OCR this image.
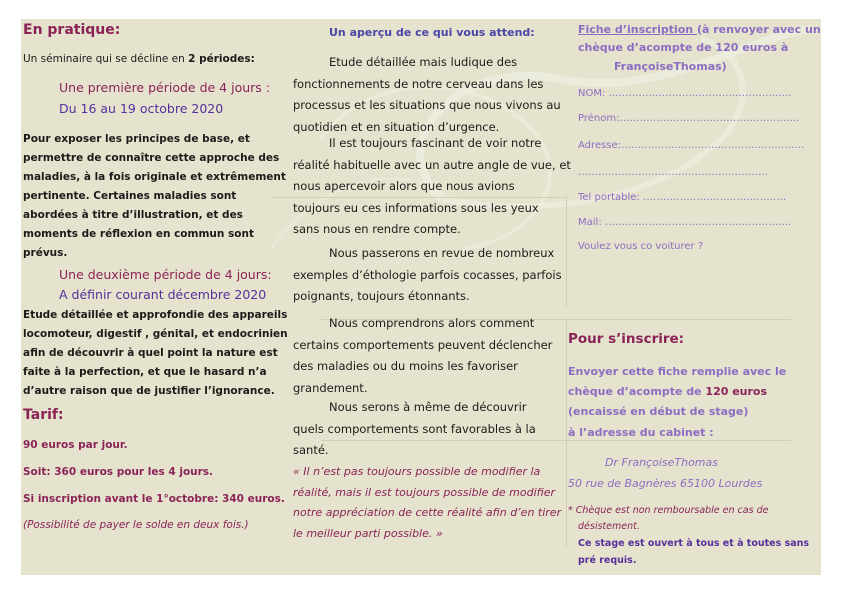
En pratique:
Un séminaire qui se décline en 2 périodes:
Une première période de 4 jours :
Du 16 au 19 octobre 2020
Pour exposer les principes de base, et
permettre de connaître cette approche des
maladies, à la fois originale et extrêmement
pertinente. Certaines maladies sont
abordées à titre d’illustration, et des
moments de réflexion en commun sont
prévus.
Une deuxième période de 4 jours:
A définir courant décembre 2020
Etude détaillée et approfondie des appareils
locomoteur, digestif , génital, et endocrinien
afin de découvrir à quel point la nature est
faite à la perfection, et que le hasard n’a
d’autre raison que de justifier l’ignorance.
Tarif:
90 euros par jour.
Soit: 360 euros pour les 4 jours.
Si inscription avant le 1°octobre: 340 euros.
(Possibilité de payer le solde en deux fois.)
Un aperçu de ce qui vous attend:
Etude détaillée mais ludique des
fonctionnements de notre cerveau dans les
processus et les situations que nous vivons au
quotidien et en situation d’urgence.
Il est toujours fascinant de voir notre
réalité habituelle avec un autre angle de vue, et
nous apercevoir alors que nous avions
toujours eu ces informations sous les yeux
sans nous en rendre compte.
Nous passerons en revue de nombreux
exemples d’éthologie parfois cocasses, parfois
poignants, toujours étonnants.
Nous comprendrons alors comment
certains comportements peuvent déclencher
des maladies ou du moins les favoriser
grandement.
Nous serons à même de découvrir
quels comportements sont favorables à la
santé.
« Il n’est pas toujours possible de modifier la
réalité, mais il est toujours possible de modifier
notre appréciation de cette réalité afin d’en tirer
le meilleur parti possible. »
Fiche d’inscription (à renvoyer avec un
chèque d’acompte de 120 euros à
FrançoiseThomas)
NOM: ……………………………………………….
Prénom:………………………………………………
Adresse:……………………………………………….
…………………………………………………
Tel portable: …………………………………….
Mail: ………………………………………………..
Voulez vous co voiturer ?
Pour s’inscrire:
Envoyer cette fiche remplie avec le
chèque d’acompte de 120 euros
(encaissé en début de stage)
à l’adresse du cabinet :
Dr FrançoiseThomas
50 rue de Bagnères 65100 Lourdes
* Chèque est non remboursable en cas de
désistement.
Ce stage est ouvert à tous et à toutes sans
pré requis.
